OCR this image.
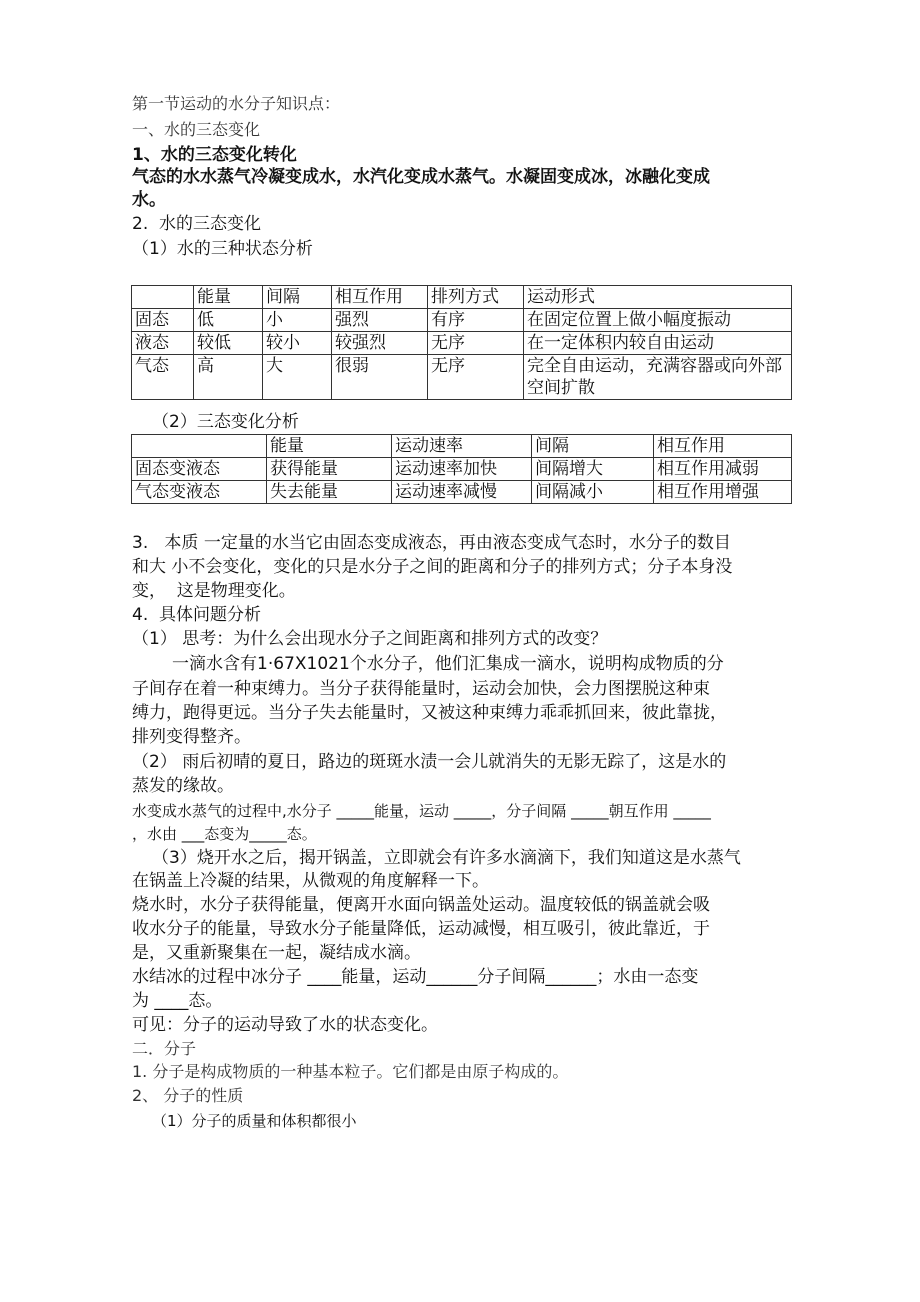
第一节运动的水分子知识点：
一、水的三态变化
1、水的三态变化转化
气态的水水蒸气冷凝变成水，水汽化变成水蒸气。水凝固变成冰，冰融化变成
水。
2.  水的三态变化
（1）水的三种状态分析
	能量	间隔	相互作用	排列方式	运动形式
固态	低	小	强烈	有序	在固定位置上做小幅度振动
液态	较低	较小	较强烈	无序	在一定体积内较自由运动
气态	高	大	很弱	无序	完全自由运动，充满容器或向外部空间扩散
（2）三态变化分析
	能量	运动速率	间隔	相互作用
固态变液态	获得能量	运动速率加快	间隔增大	相互作用减弱
气态变液态	失去能量	运动速率减慢	间隔减小	相互作用增强
3.   本质 一定量的水当它由固态变成液态，再由液态变成气态时，水分子的数目
和大 小不会变化，变化的只是水分子之间的距离和分子的排列方式；分子本身没
变，  这是物理变化。
4.  具体问题分析
（1） 思考：为什么会出现水分子之间距离和排列方式的改变？
一滴水含有1·67X1021个水分子，他们汇集成一滴水，说明构成物质的分
子间存在着一种束缚力。当分子获得能量时，运动会加快，会力图摆脱这种束
缚力，跑得更远。当分子失去能量时，又被这种束缚力乖乖抓回来，彼此靠拢，
排列变得整齐。
（2） 雨后初晴的夏日，路边的斑斑水渍一会儿就消失的无影无踪了，这是水的
蒸发的缘故。
水变成水蒸气的过程中,水分子 _____能量，运动 _____，分子间隔 _____朝互作用 _____
，水由 ___态变为_____态。
（3）烧开水之后，揭开锅盖，立即就会有许多水滴滴下，我们知道这是水蒸气
在锅盖上冷凝的结果，从微观的角度解释一下。
烧水时，水分子获得能量，便离开水面向锅盖处运动。温度较低的锅盖就会吸
收水分子的能量，导致水分子能量降低，运动减慢，相互吸引，彼此靠近，于
是，又重新聚集在一起，凝结成水滴。
水结冰的过程中冰分子 ____能量，运动______分子间隔______；水由一态变
为 ____态。
可见：分子的运动导致了水的状态变化。
二．分子
1. 分子是构成物质的一种基本粒子。它们都是由原子构成的。
2、 分子的性质
（1）分子的质量和体积都很小
